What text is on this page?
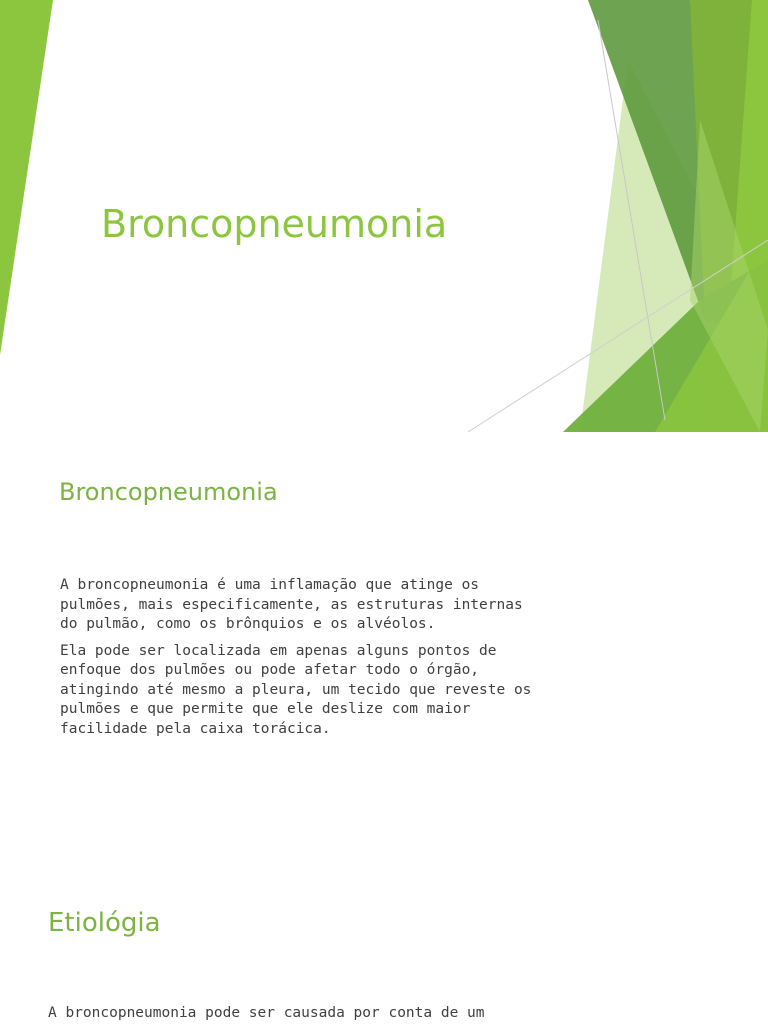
Broncopneumonia
Broncopneumonia

A broncopneumonia é uma inflamação que atinge os
pulmões, mais especificamente, as estruturas internas
do pulmão, como os brônquios e os alvéolos.

Ela pode ser localizada em apenas alguns pontos de
enfoque dos pulmões ou pode afetar todo o órgão,
atingindo até mesmo a pleura, um tecido que reveste os
pulmões e que permite que ele deslize com maior
facilidade pela caixa torácica.

Etiológia

A broncopneumonia pode ser causada por conta de um
